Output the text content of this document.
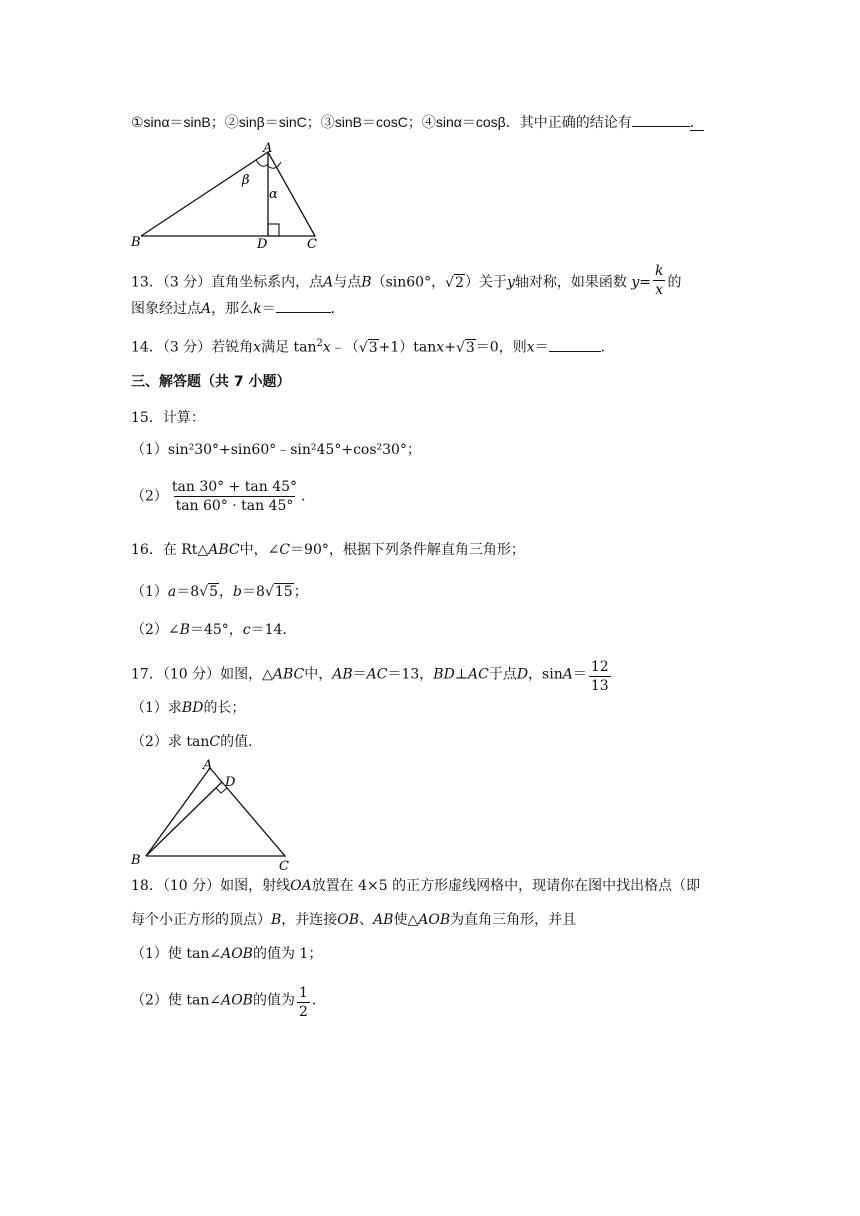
①sinα＝sinB；②sinβ＝sinC；③sinB＝cosC；④sinα＝cosβ．其中正确的结论有	．
A
B	D	C
β
α
13．（3 分）直角坐标系内，点A与点B（sin60°，√2）关于y轴对称，如果函数 $y= \frac{k}{x}$ 的
图象经过点A，那么k＝	．
14．（3 分）若锐角x满足 $\tan^2x﹣(√3+1)\tan x+√3=0$，则x＝	．
三、解答题（共 7 小题）
15．计算：
（1）sin²30°+sin60°﹣sin²45°+cos²30°；
$(2) \frac{\tan 30^\circ + \tan 45^\circ}{\tan 60^\circ \cdot \tan 45^\circ}$ ．
16．在 Rt△ABC中，∠C＝90°，根据下列条件解直角三角形；
（1）a＝8√5，b＝8√15；
（2）∠B＝45°，c＝14．
17．（10 分）如图，△ABC中，AB＝AC＝13，BD⊥AC于点D，$\sin A= \frac{12}{13}$
（1）求BD的长；
（2）求 tanC的值．
A
D
B	C
18．（10 分）如图，射线OA放置在 4×5 的正方形虚线网格中，现请你在图中找出格点（即
每个小正方形的顶点）B，并连接OB、AB使△AOB为直角三角形，并且
（1）使 tan∠AOB的值为 1；
（2）使 tan∠AOB的值为 $\frac{1}{2}$ ．
